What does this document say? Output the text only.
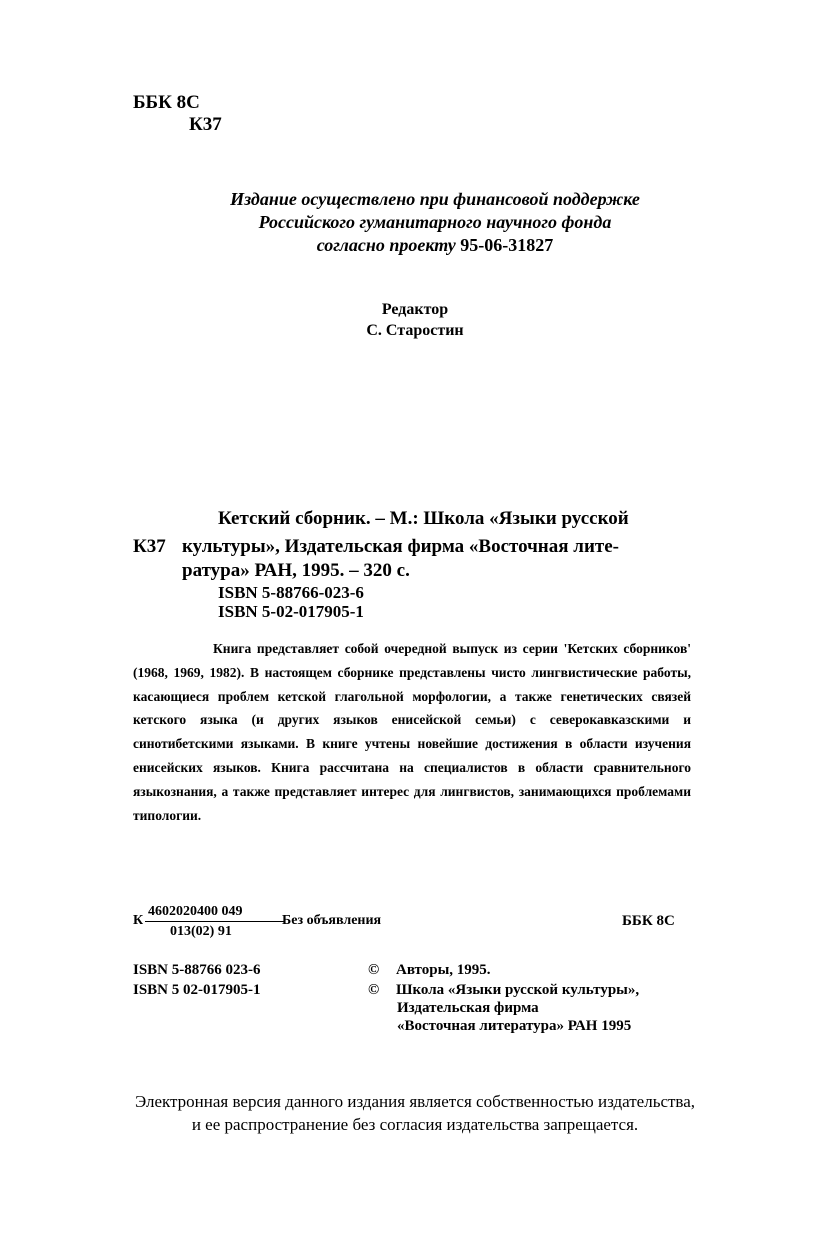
ББК 8С
К37
Издание осуществлено при финансовой поддержке
Российского гуманитарного научного фонда
согласно проекту 95-06-31827
Редактор
С. Старостин
Кетский сборник. – М.: Школа «Языки русской
К37 культуры», Издательская фирма «Восточная лите-
ратура» РАН, 1995. – 320 с.
ISBN 5-88766-023-6
ISBN 5-02-017905-1
Книга представляет собой очередной выпуск из серии 'Кетских сборников' (1968, 1969, 1982). В настоящем сборнике представлены чисто лингвистические работы, касающиеся проблем кетской глагольной морфологии, а также генетических связей кетского языка (и других языков енисейской семьи) с северокавказскими и синотибетскими языками. В книге учтены новейшие достижения в области изучения енисейских языков. Книга рассчитана на специалистов в области сравнительного языкознания, а также представляет интерес для лингвистов, занимающихся проблемами типологии.
К
4602020400 049
013(02) 91
Без объявления	ББК 8С
ISBN 5-88766 023-6
ISBN 5 02-017905-1
© Авторы, 1995.
© Школа «Языки русской культуры»,
Издательская фирма
«Восточная литература» РАН 1995
Электронная версия данного издания является собственностью издательства,
и ее распространение без согласия издательства запрещается.
